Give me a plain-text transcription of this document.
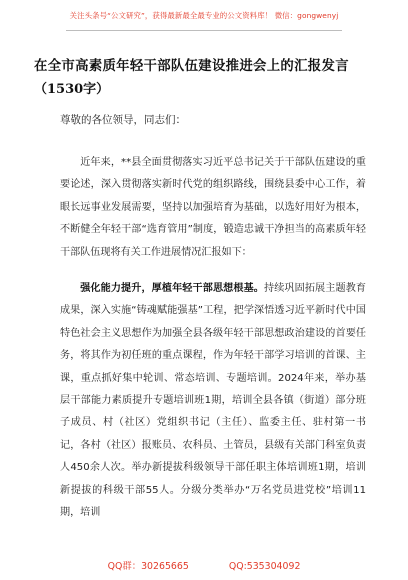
关注头条号“公文研究”，获得最新最全最专业的公文资料库！ 微信：gongwenyj
在全市高素质年轻干部队伍建设推进会上的汇报发言
（1530字）
尊敬的各位领导，同志们：

近年来，**县全面贯彻落实习近平总书记关于干部队伍建设的重要论述，深入贯彻落实新时代党的组织路线，围绕县委中心工作，着眼长远事业发展需要，坚持以加强培育为基础，以选好用好为根本，不断健全年轻干部“选育管用”制度，锻造忠诚干净担当的高素质年轻干部队伍现将有关工作进展情况汇报如下：

强化能力提升，厚植年轻干部思想根基。持续巩固拓展主题教育成果，深入实施“铸魂赋能强基”工程，把学深悟透习近平新时代中国特色社会主义思想作为加强全县各级年轻干部思想政治建设的首要任务，将其作为初任班的重点课程，作为年轻干部学习培训的首课、主课，重点抓好集中轮训、常态培训、专题培训。2024年来，举办基层干部能力素质提升专题培训班1期，培训全县各镇（街道）部分班子成员、村（社区）党组织书记（主任）、监委主任、驻村第一书记，各村（社区）报账员、农科员、土管员，县级有关部门科室负责人450余人次。举办新提拔科级领导干部任职主体培训班1期，培训新提拔的科级干部55人。分级分类举办“万名党员进党校”培训11期，培训

QQ群：30265665	QQ:535304092
